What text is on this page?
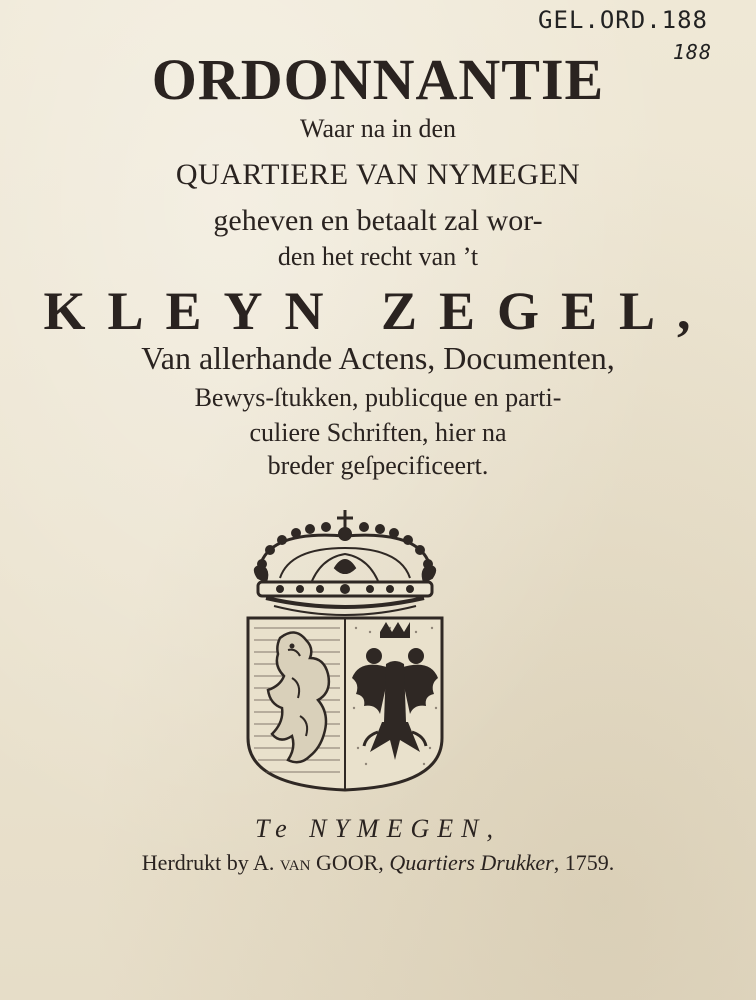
GEL.ORD.188
188
ORDONNANTIE
Waar na in den
QUARTIERE VAN NYMEGEN
geheven en betaalt zal wor-
den het recht van ’t
KLEYN ZEGEL,
Van allerhande Actens, Documenten,
Bewys-ſtukken, publicque en parti-
culiere Schriften, hier na
breder geſpecificeert.
Te NYMEGEN,
Herdrukt by A. van GOOR, Quartiers Drukker, 1759.
